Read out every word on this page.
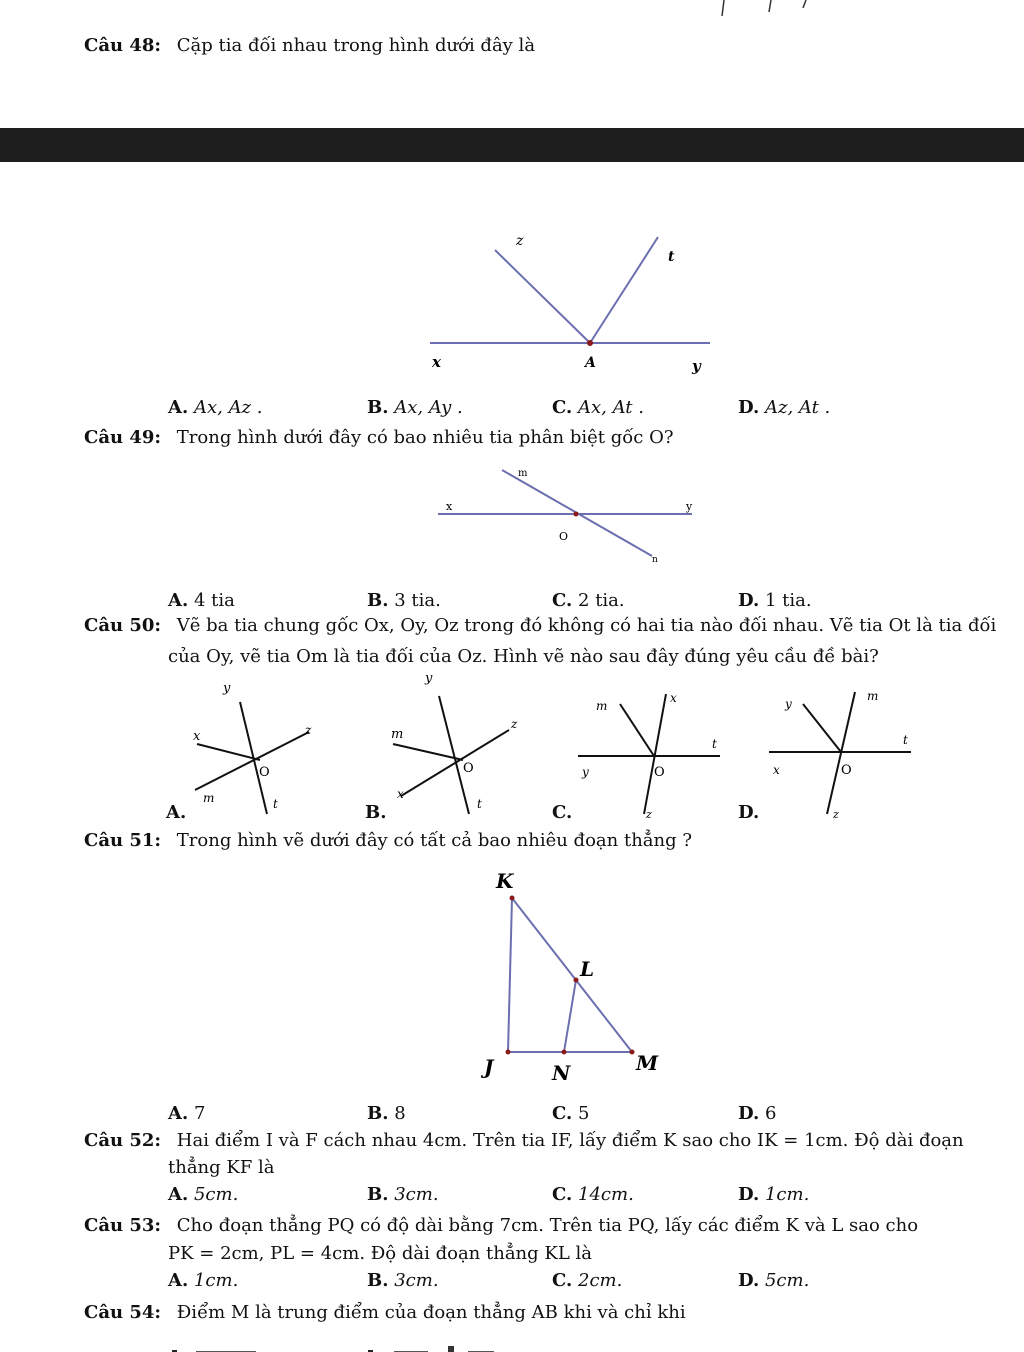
Câu 48: Cặp tia đối nhau trong hình dưới đây là
z
t
x	A	y
A. Ax, Az .	B. Ax, Ay .	C. Ax, At .	D. Az, At .
Câu 49: Trong hình dưới đây có bao nhiêu tia phân biệt gốc O?
m
x	y
O
n
A. 4 tia	B. 3 tia.	C. 2 tia.	D. 1 tia.
Câu 50: Vẽ ba tia chung gốc Ox, Oy, Oz trong đó không có hai tia nào đối nhau. Vẽ tia Ot là tia đối
của Oy, vẽ tia Om là tia đối của Oz. Hình vẽ nào sau đây đúng yêu cầu đề bài?
y
x	z
O
m	t
A.
y
m
z
O
x
t
B.
m
x
t
y	O
z
C.
y
m
t
x	O
z
D.
Câu 51: Trong hình vẽ dưới đây có tất cả bao nhiêu đoạn thẳng ?
K
L
J	N	M
A. 7	B. 8	C. 5	D. 6
Câu 52: Hai điểm I và F cách nhau 4cm. Trên tia IF, lấy điểm K sao cho IK = 1cm. Độ dài đoạn
thẳng KF là
A. 5cm.	B. 3cm.	C. 14cm.	D. 1cm.
Câu 53: Cho đoạn thẳng PQ có độ dài bằng 7cm. Trên tia PQ, lấy các điểm K và L sao cho
PK = 2cm, PL = 4cm. Độ dài đoạn thẳng KL là
A. 1cm.	B. 3cm.	C. 2cm.	D. 5cm.
Câu 54: Điểm M là trung điểm của đoạn thẳng AB khi và chỉ khi
